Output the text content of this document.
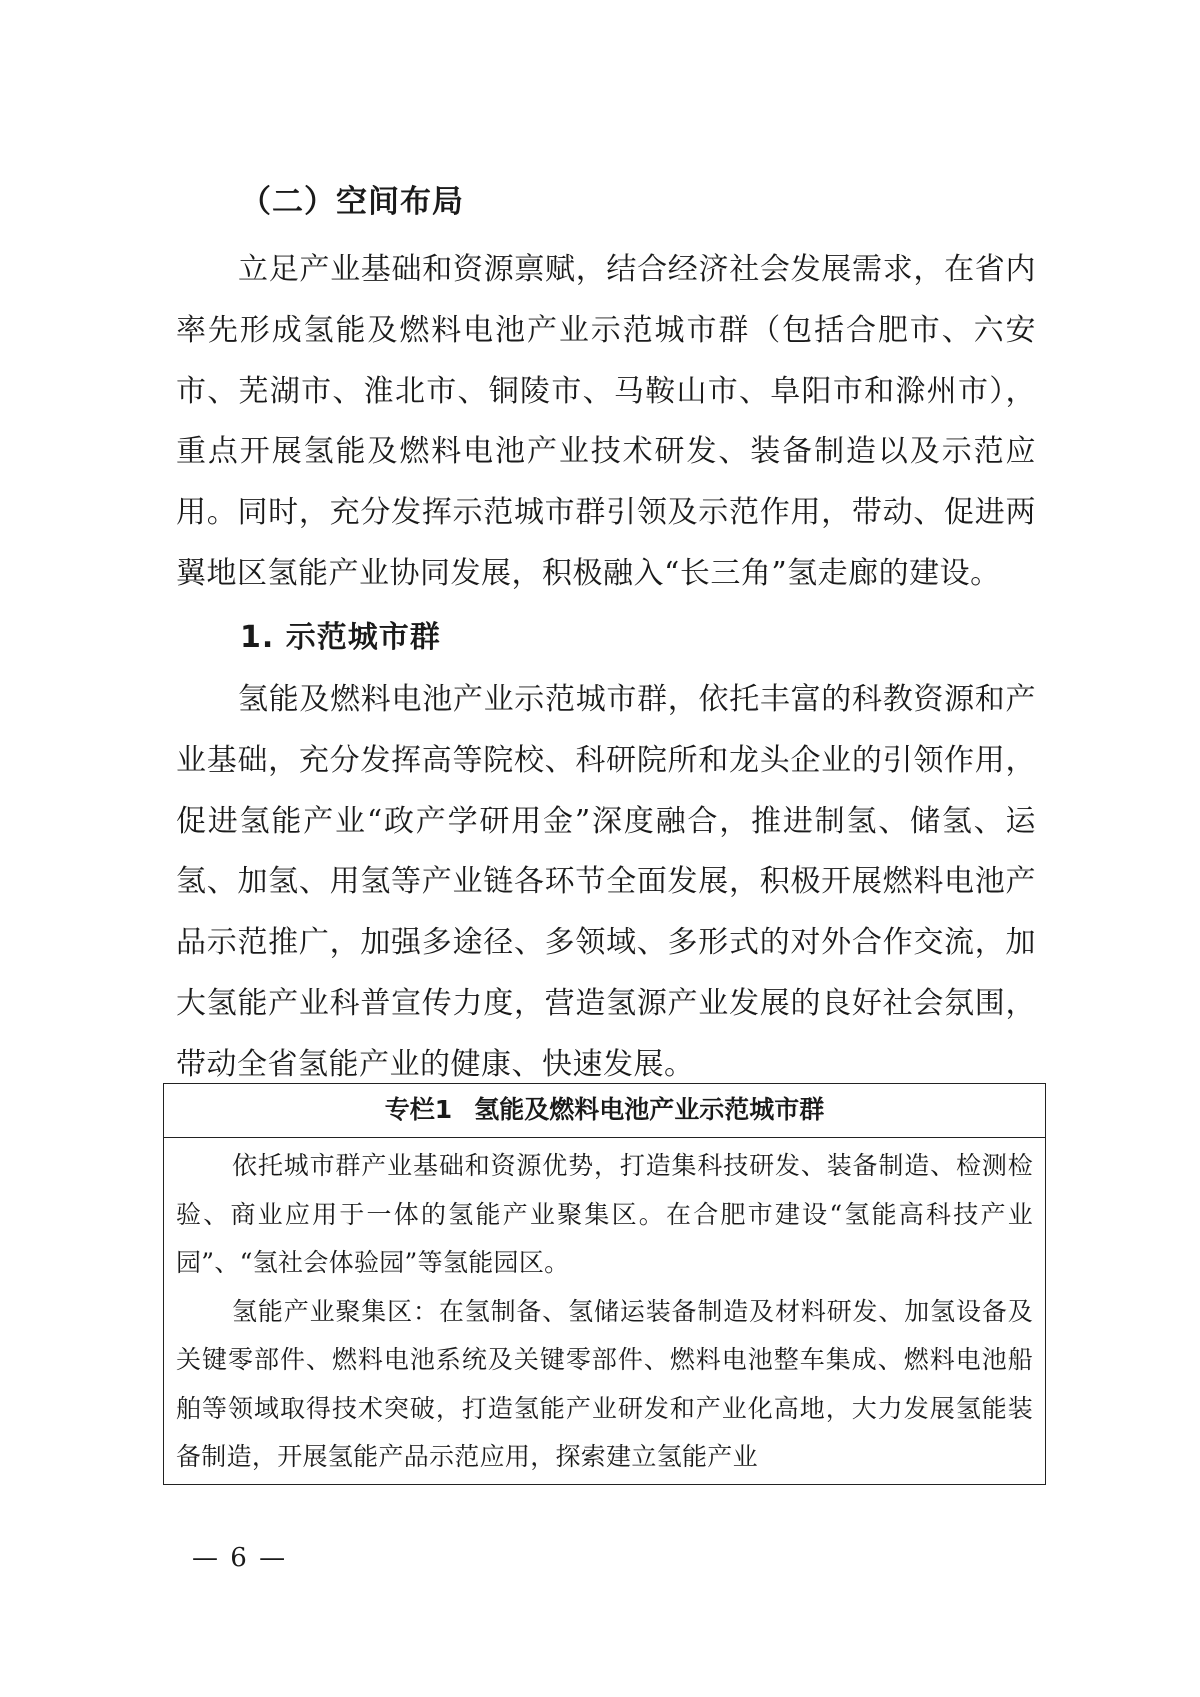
（二）空间布局
立足产业基础和资源禀赋，结合经济社会发展需求，在省内率先形成氢能及燃料电池产业示范城市群（包括合肥市、六安市、芜湖市、淮北市、铜陵市、马鞍山市、阜阳市和滁州市），重点开展氢能及燃料电池产业技术研发、装备制造以及示范应用。同时，充分发挥示范城市群引领及示范作用，带动、促进两翼地区氢能产业协同发展，积极融入“长三角”氢走廊的建设。
1. 示范城市群
氢能及燃料电池产业示范城市群，依托丰富的科教资源和产业基础，充分发挥高等院校、科研院所和龙头企业的引领作用，促进氢能产业“政产学研用金”深度融合，推进制氢、储氢、运氢、加氢、用氢等产业链各环节全面发展，积极开展燃料电池产品示范推广，加强多途径、多领域、多形式的对外合作交流，加大氢能产业科普宣传力度，营造氢源产业发展的良好社会氛围，带动全省氢能产业的健康、快速发展。
专栏1 氢能及燃料电池产业示范城市群

依托城市群产业基础和资源优势，打造集科技研发、装备制造、检测检验、商业应用于一体的氢能产业聚集区。在合肥市建设“氢能高科技产业园”、“氢社会体验园”等氢能园区。

氢能产业聚集区：在氢制备、氢储运装备制造及材料研发、加氢设备及关键零部件、燃料电池系统及关键零部件、燃料电池整车集成、燃料电池船舶等领域取得技术突破，打造氢能产业研发和产业化高地，大力发展氢能装备制造，开展氢能产品示范应用，探索建立氢能产业

— 6 —
